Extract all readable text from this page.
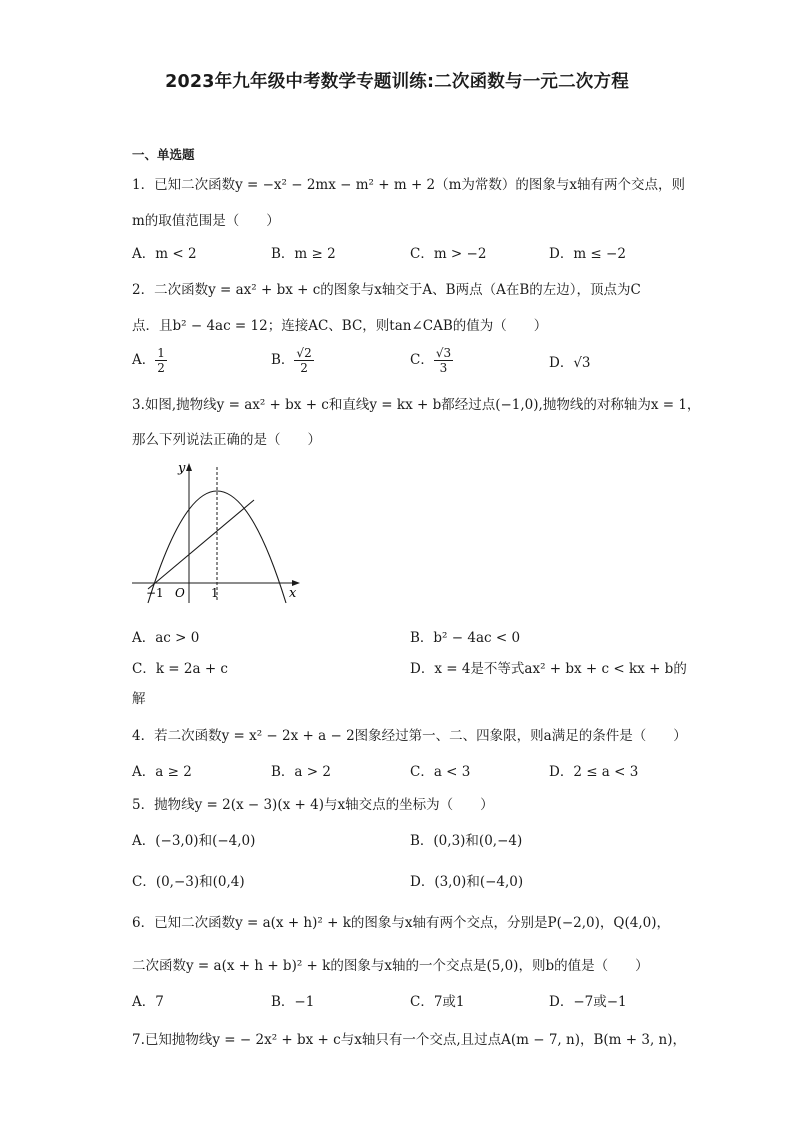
2023年九年级中考数学专题训练:二次函数与一元二次方程
一、单选题
1．已知二次函数y = −x² − 2mx − m² + m + 2（m为常数）的图象与x轴有两个交点，则
m的取值范围是（　　）
A．m < 2	B．m ≥ 2	C．m > −2	D．m ≤ −2
2．二次函数y = ax² + bx + c的图象与x轴交于A、B两点（A在B的左边），顶点为C
点．且b² − 4ac = 12；连接AC、BC，则tan∠CAB的值为（　　）
A． $\frac{1}{2}$	B． $\frac{√2}{2}$	C． $\frac{√3}{3}$	D．√3
3.如图,抛物线y = ax² + bx + c和直线y = kx + b都经过点(−1,0),抛物线的对称轴为x = 1，
那么下列说法正确的是（　　）
y
x
O
−1	1
A．ac > 0	B．b² − 4ac < 0
C．k = 2a + c	D．x = 4是不等式ax² + bx + c < kx + b的
解
4．若二次函数y = x² − 2x + a − 2图象经过第一、二、四象限，则a满足的条件是（　　）
A．a ≥ 2	B．a > 2	C．a < 3	D．2 ≤ a < 3
5．抛物线y = 2(x − 3)(x + 4)与x轴交点的坐标为（　　）
A．(−3,0)和(−4,0)	B．(0,3)和(0,−4)
C．(0,−3)和(0,4)	D．(3,0)和(−4,0)
6．已知二次函数y = a(x + h)² + k的图象与x轴有两个交点，分别是P(−2,0)，Q(4,0)，
二次函数y = a(x + h + b)² + k的图象与x轴的一个交点是(5,0)，则b的值是（　　）
A．7	B．−1	C．7或1	D．−7或−1
7.已知抛物线y = − 2x² + bx + c与x轴只有一个交点,且过点A(m − 7, n)，B(m + 3, n)，
